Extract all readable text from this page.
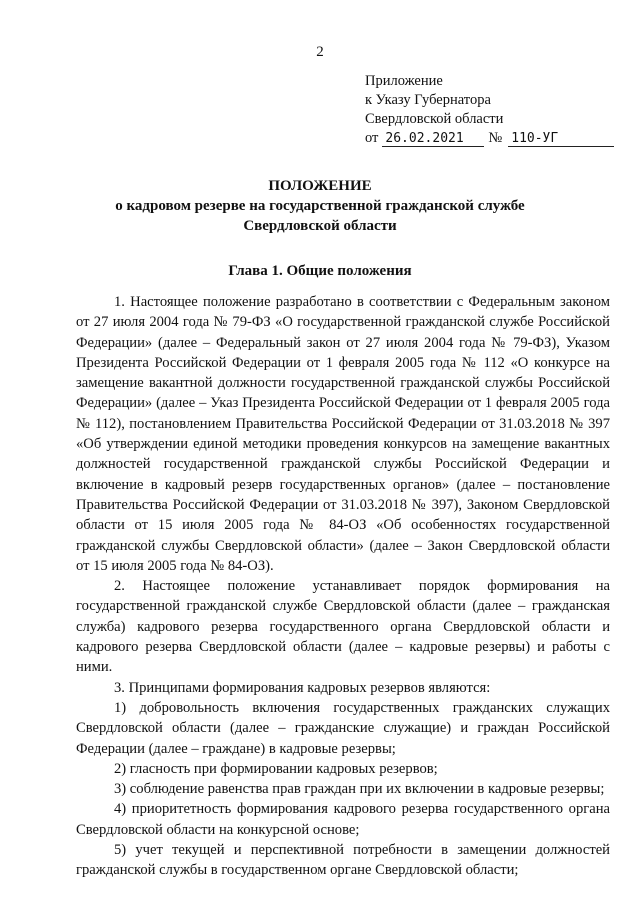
2
Приложение
к Указу Губернатора
Свердловской области
от 26.02.2021	№ 110-УГ
ПОЛОЖЕНИЕ
о кадровом резерве на государственной гражданской службе
Свердловской области
Глава 1. Общие положения

1. Настоящее положение разработано в соответствии с Федеральным законом от 27 июля 2004 года № 79-ФЗ «О государственной гражданской службе Российской Федерации» (далее – Федеральный закон от 27 июля 2004 года № 79-ФЗ), Указом Президента Российской Федерации от 1 февраля 2005 года № 112 «О конкурсе на замещение вакантной должности государственной гражданской службы Российской Федерации» (далее – Указ Президента Российской Федерации от 1 февраля 2005 года № 112), постановлением Правительства Российской Федерации от 31.03.2018 № 397 «Об утверждении единой методики проведения конкурсов на замещение вакантных должностей государственной гражданской службы Российской Федерации и включение в кадровый резерв государственных органов» (далее – постановление Правительства Российской Федерации от 31.03.2018 № 397), Законом Свердловской области от 15 июля 2005 года № 84-ОЗ «Об особенностях государственной гражданской службы Свердловской области» (далее – Закон Свердловской области от 15 июля 2005 года № 84-ОЗ).

2. Настоящее положение устанавливает порядок формирования на государственной гражданской службе Свердловской области (далее – гражданская служба) кадрового резерва государственного органа Свердловской области и кадрового резерва Свердловской области (далее – кадровые резервы) и работы с ними.

3. Принципами формирования кадровых резервов являются:

1) добровольность включения государственных гражданских служащих Свердловской области (далее – гражданские служащие) и граждан Российской Федерации (далее – граждане) в кадровые резервы;

2) гласность при формировании кадровых резервов;

3) соблюдение равенства прав граждан при их включении в кадровые резервы;

4) приоритетность формирования кадрового резерва государственного органа Свердловской области на конкурсной основе;

5) учет текущей и перспективной потребности в замещении должностей гражданской службы в государственном органе Свердловской области;
